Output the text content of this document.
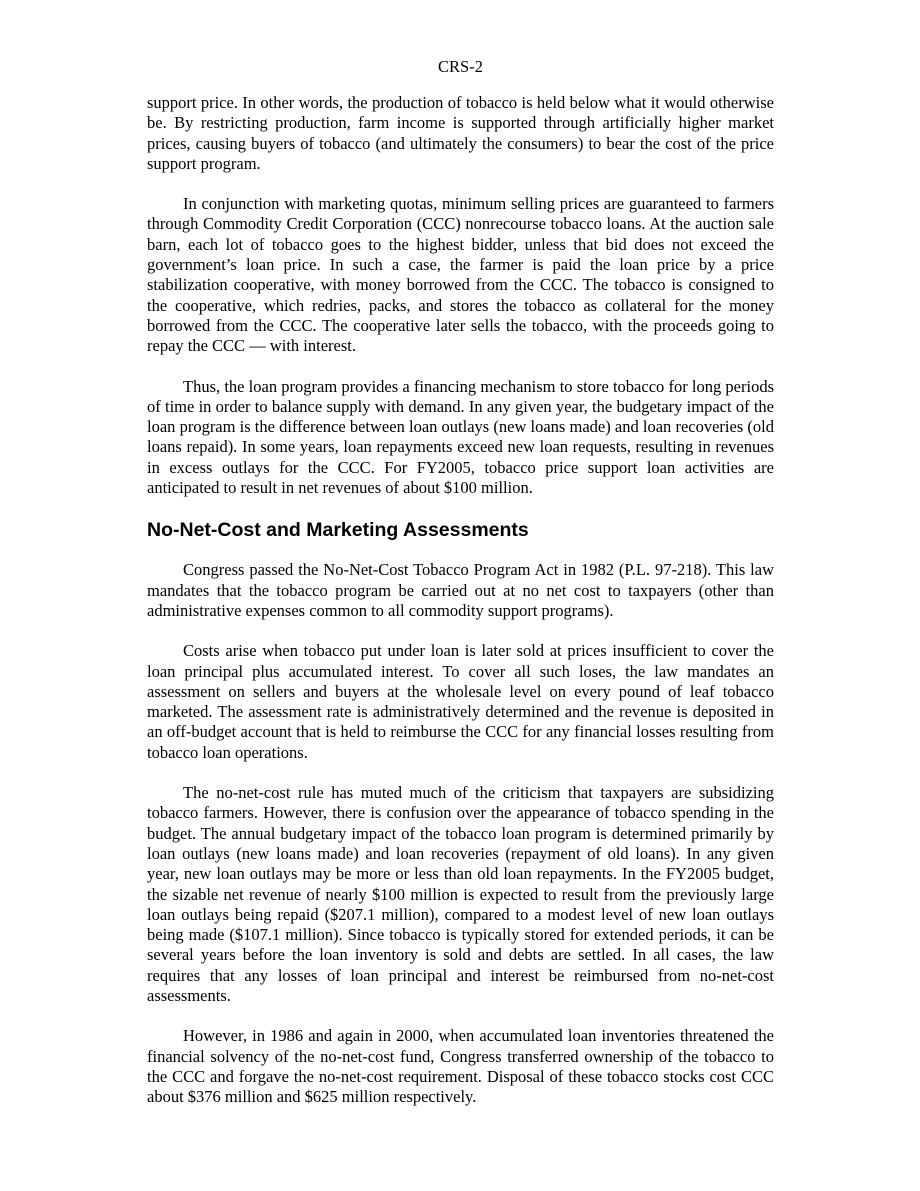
CRS-2

support price. In other words, the production of tobacco is held below what it would otherwise be. By restricting production, farm income is supported through artificially higher market prices, causing buyers of tobacco (and ultimately the consumers) to bear the cost of the price support program.

In conjunction with marketing quotas, minimum selling prices are guaranteed to farmers through Commodity Credit Corporation (CCC) nonrecourse tobacco loans. At the auction sale barn, each lot of tobacco goes to the highest bidder, unless that bid does not exceed the government’s loan price. In such a case, the farmer is paid the loan price by a price stabilization cooperative, with money borrowed from the CCC. The tobacco is consigned to the cooperative, which redries, packs, and stores the tobacco as collateral for the money borrowed from the CCC. The cooperative later sells the tobacco, with the proceeds going to repay the CCC — with interest.

Thus, the loan program provides a financing mechanism to store tobacco for long periods of time in order to balance supply with demand. In any given year, the budgetary impact of the loan program is the difference between loan outlays (new loans made) and loan recoveries (old loans repaid). In some years, loan repayments exceed new loan requests, resulting in revenues in excess outlays for the CCC. For FY2005, tobacco price support loan activities are anticipated to result in net revenues of about $100 million.

No-Net-Cost and Marketing Assessments

Congress passed the No-Net-Cost Tobacco Program Act in 1982 (P.L. 97-218). This law mandates that the tobacco program be carried out at no net cost to taxpayers (other than administrative expenses common to all commodity support programs).

Costs arise when tobacco put under loan is later sold at prices insufficient to cover the loan principal plus accumulated interest. To cover all such loses, the law mandates an assessment on sellers and buyers at the wholesale level on every pound of leaf tobacco marketed. The assessment rate is administratively determined and the revenue is deposited in an off-budget account that is held to reimburse the CCC for any financial losses resulting from tobacco loan operations.

The no-net-cost rule has muted much of the criticism that taxpayers are subsidizing tobacco farmers. However, there is confusion over the appearance of tobacco spending in the budget. The annual budgetary impact of the tobacco loan program is determined primarily by loan outlays (new loans made) and loan recoveries (repayment of old loans). In any given year, new loan outlays may be more or less than old loan repayments. In the FY2005 budget, the sizable net revenue of nearly $100 million is expected to result from the previously large loan outlays being repaid ($207.1 million), compared to a modest level of new loan outlays being made ($107.1 million). Since tobacco is typically stored for extended periods, it can be several years before the loan inventory is sold and debts are settled. In all cases, the law requires that any losses of loan principal and interest be reimbursed from no-net-cost assessments.

However, in 1986 and again in 2000, when accumulated loan inventories threatened the financial solvency of the no-net-cost fund, Congress transferred ownership of the tobacco to the CCC and forgave the no-net-cost requirement. Disposal of these tobacco stocks cost CCC about $376 million and $625 million respectively.
